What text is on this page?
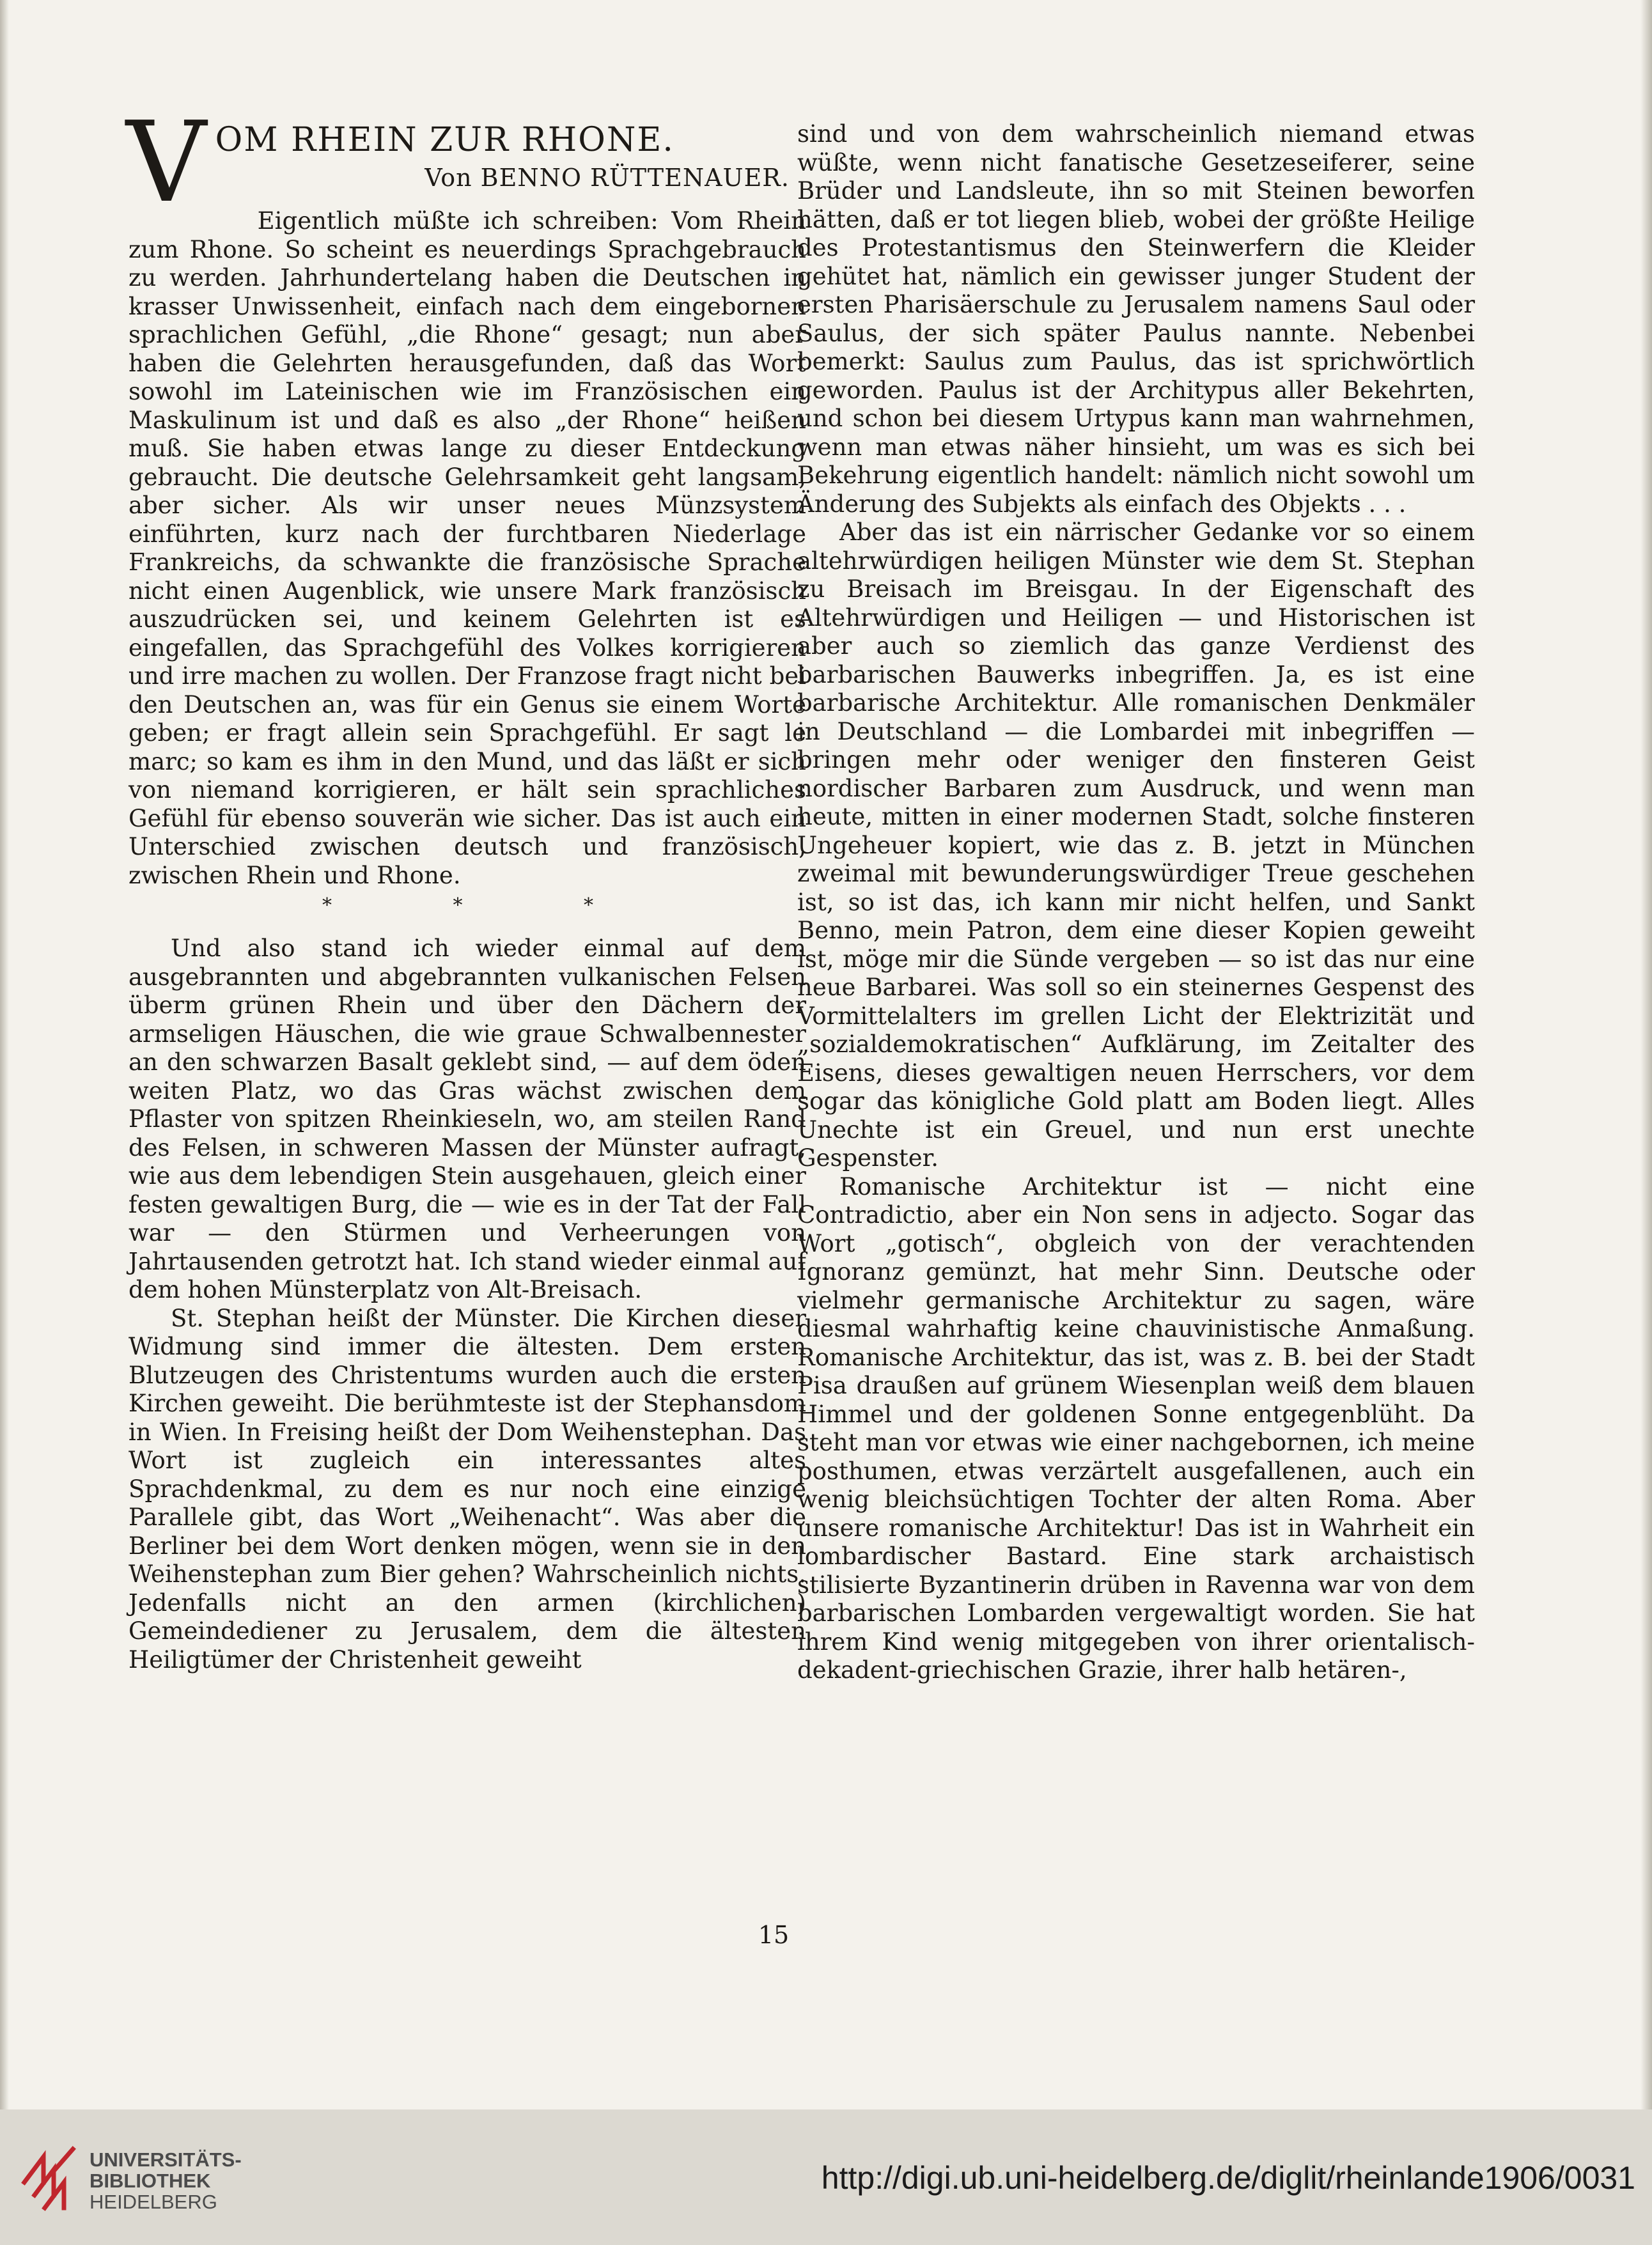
V OM RHEIN ZUR RHONE.
Von BENNO RÜTTENAUER.

Eigentlich müßte ich schreiben: Vom Rhein zum Rhone. So scheint es neuerdings Sprachgebrauch zu werden. Jahrhundertelang haben die Deutschen in krasser Unwissenheit, einfach nach dem eingebornen sprachlichen Gefühl, „die Rhone“ gesagt; nun aber haben die Gelehrten herausgefunden, daß das Wort sowohl im Lateinischen wie im Französischen ein Maskulinum ist und daß es also „der Rhone“ heißen muß. Sie haben etwas lange zu dieser Entdeckung gebraucht. Die deutsche Gelehrsamkeit geht langsam, aber sicher. Als wir unser neues Münzsystem einführten, kurz nach der furchtbaren Niederlage Frankreichs, da schwankte die französische Sprache nicht einen Augenblick, wie unsere Mark französisch auszudrücken sei, und keinem Gelehrten ist es eingefallen, das Sprachgefühl des Volkes korrigieren und irre machen zu wollen. Der Franzose fragt nicht bei den Deutschen an, was für ein Genus sie einem Worte geben; er fragt allein sein Sprachgefühl. Er sagt le marc; so kam es ihm in den Mund, und das läßt er sich von niemand korrigieren, er hält sein sprachliches Gefühl für ebenso souverän wie sicher. Das ist auch ein Unterschied zwischen deutsch und französisch, zwischen Rhein und Rhone.

* * *

Und also stand ich wieder einmal auf dem ausgebrannten und abgebrannten vulkanischen Felsen überm grünen Rhein und über den Dächern der armseligen Häuschen, die wie graue Schwalbennester an den schwarzen Basalt geklebt sind, — auf dem öden weiten Platz, wo das Gras wächst zwischen dem Pflaster von spitzen Rheinkieseln, wo, am steilen Rand des Felsen, in schweren Massen der Münster aufragt, wie aus dem lebendigen Stein ausgehauen, gleich einer festen gewaltigen Burg, die — wie es in der Tat der Fall war — den Stürmen und Verheerungen von Jahrtausenden getrotzt hat. Ich stand wieder einmal auf dem hohen Münsterplatz von Alt-Breisach.

St. Stephan heißt der Münster. Die Kirchen dieser Widmung sind immer die ältesten. Dem ersten Blutzeugen des Christentums wurden auch die ersten Kirchen geweiht. Die berühmteste ist der Stephansdom in Wien. In Freising heißt der Dom Weihenstephan. Das Wort ist zugleich ein interessantes altes Sprachdenkmal, zu dem es nur noch eine einzige Parallele gibt, das Wort „Weihenacht“. Was aber die Berliner bei dem Wort denken mögen, wenn sie in den Weihenstephan zum Bier gehen? Wahrscheinlich nichts. Jedenfalls nicht an den armen (kirchlichen) Gemeindediener zu Jerusalem, dem die ältesten Heiligtümer der Christenheit geweiht

sind und von dem wahrscheinlich niemand etwas wüßte, wenn nicht fanatische Gesetzeseiferer, seine Brüder und Landsleute, ihn so mit Steinen beworfen hätten, daß er tot liegen blieb, wobei der größte Heilige des Protestantismus den Steinwerfern die Kleider gehütet hat, nämlich ein gewisser junger Student der ersten Pharisäerschule zu Jerusalem namens Saul oder Saulus, der sich später Paulus nannte. Nebenbei bemerkt: Saulus zum Paulus, das ist sprichwörtlich geworden. Paulus ist der Architypus aller Bekehrten, und schon bei diesem Urtypus kann man wahrnehmen, wenn man etwas näher hinsieht, um was es sich bei Bekehrung eigentlich handelt: nämlich nicht sowohl um Änderung des Subjekts als einfach des Objekts . . .

Aber das ist ein närrischer Gedanke vor so einem altehrwürdigen heiligen Münster wie dem St. Stephan zu Breisach im Breisgau. In der Eigenschaft des Altehrwürdigen und Heiligen — und Historischen ist aber auch so ziemlich das ganze Verdienst des barbarischen Bauwerks inbegriffen. Ja, es ist eine barbarische Architektur. Alle romanischen Denkmäler in Deutschland — die Lombardei mit inbegriffen — bringen mehr oder weniger den finsteren Geist nordischer Barbaren zum Ausdruck, und wenn man heute, mitten in einer modernen Stadt, solche finsteren Ungeheuer kopiert, wie das z. B. jetzt in München zweimal mit bewunderungswürdiger Treue geschehen ist, so ist das, ich kann mir nicht helfen, und Sankt Benno, mein Patron, dem eine dieser Kopien geweiht ist, möge mir die Sünde vergeben — so ist das nur eine neue Barbarei. Was soll so ein steinernes Gespenst des Vormittelalters im grellen Licht der Elektrizität und „sozialdemokratischen“ Aufklärung, im Zeitalter des Eisens, dieses gewaltigen neuen Herrschers, vor dem sogar das königliche Gold platt am Boden liegt. Alles Unechte ist ein Greuel, und nun erst unechte Gespenster.

Romanische Architektur ist — nicht eine Contradictio, aber ein Non sens in adjecto. Sogar das Wort „gotisch“, obgleich von der verachtenden Ignoranz gemünzt, hat mehr Sinn. Deutsche oder vielmehr germanische Architektur zu sagen, wäre diesmal wahrhaftig keine chauvinistische Anmaßung. Romanische Architektur, das ist, was z. B. bei der Stadt Pisa draußen auf grünem Wiesenplan weiß dem blauen Himmel und der goldenen Sonne entgegenblüht. Da steht man vor etwas wie einer nachgebornen, ich meine posthumen, etwas verzärtelt ausgefallenen, auch ein wenig bleichsüchtigen Tochter der alten Roma. Aber unsere romanische Architektur! Das ist in Wahrheit ein lombardischer Bastard. Eine stark archaistisch stilisierte Byzantinerin drüben in Ravenna war von dem barbarischen Lombarden vergewaltigt worden. Sie hat ihrem Kind wenig mitgegeben von ihrer orientalisch-dekadent-griechischen Grazie, ihrer halb hetären-,

15
UNIVERSITÄTS-
BIBLIOTHEK
HEIDELBERG
http://digi.ub.uni-heidelberg.de/diglit/rheinlande1906/0031
